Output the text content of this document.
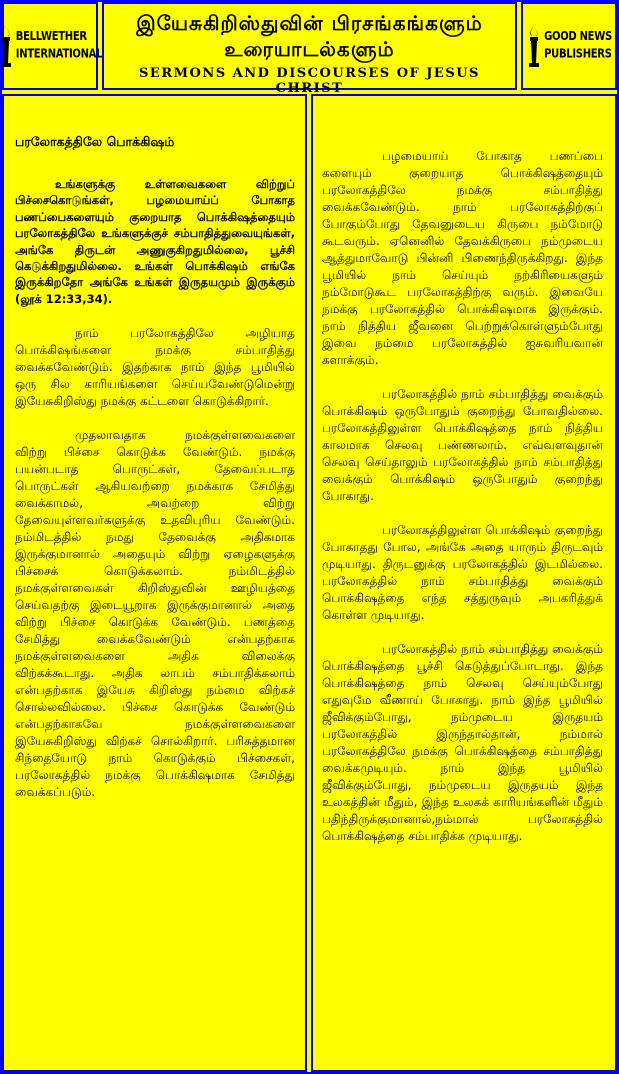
BELLWETHER
INTERNATIONAL
இயேசுகிறிஸ்துவின் பிரசங்கங்களும்
உரையாடல்களும்
SERMONS AND DISCOURSES OF JESUS CHRIST
GOOD NEWS
PUBLISHERS
பரலோகத்திலே பொக்கிஷம்
உங்களுக்கு உள்ளவைகளை விற்றுப் பிச்சைகொடுங்கள், பழமையாய்ப் போகாத பணப்பைகளையும் குறையாத பொக்கிஷத்தையும் பரலோகத்திலே உங்களுக்குச் சம்பாதித்துவையுங்கள், அங்கே திருடன் அணுகுகிறதுமில்லை, பூச்சி கெடுக்கிறதுமில்லை. உங்கள் பொக்கிஷம் எங்கே இருக்கிறதோ அங்கே உங்கள் இருதயமும் இருக்கும் (லூக் 12:33,34).

நாம் பரலோகத்திலே அழியாத பொக்கிஷங்களை நமக்கு சம்பாதித்து வைக்கவேண்டும். இதற்காக நாம் இந்த பூமியில் ஒரு சில காரியங்களை செய்யவேண்டுமென்று இயேசுகிறிஸ்து நமக்கு கட்டளை கொடுக்கிறார்.

முதலாவதாக நமக்குள்ளவைகளை விற்று பிச்சை கொடுக்க வேண்டும். நமக்கு பயன்படாத பொருட்கள், தேவைப்படாத பொருட்கள் ஆகியவற்றை நமக்காக சேமித்து வைக்காமல், அவற்றை விற்று தேவையுள்ளவர்களுக்கு உதவிபுரிய வேண்டும். நம்மிடத்தில் நமது தேவைக்கு அதிகமாக இருக்குமானால் அதையும் விற்று ஏழைகளுக்கு பிச்சைக் கொடுக்கலாம். நம்மிடத்தில் நமக்குள்ளவைகள் கிறிஸ்துவின் ஊழியத்தை செய்வதற்கு இடையூறாக இருக்குமானால் அதை விற்று பிச்சை கொடுக்க வேண்டும். பணத்தை சேமித்து வைக்கவேண்டும் என்பதற்காக நமக்குள்ளவைகளை அதிக விலைக்கு விற்கக்கூடாது. அதிக லாபம் சம்பாதிக்கலாம் என்பதற்காக இயேசு கிறிஸ்து நம்மை விற்கச் சொல்லவில்லை. பிச்சை கொடுக்க வேண்டும் என்பதற்காகவே நமக்குள்ளவைகளை இயேசுகிறிஸ்து விற்கச் சொல்கிறார். பரிசுத்தமான சிந்தையோடு நாம் கொடுக்கும் பிச்சைகள், பரலோகத்தில் நமக்கு பொக்கிஷமாக சேமித்து வைக்கப்படும்.

பழமையாய் போகாத பணப்பை களையும் குறையாத பொக்கிஷத்தையும் பரலோகத்திலே நமக்கு சம்பாதித்து வைக்கவேண்டும். நாம் பரலோகத்திற்குப் போகும்போது தேவனுடைய கிருபை நம்மோடு கூடவரும். ஏனெனில் தேவக்கிருபை நம்முடைய ஆத்துமாவோடு பின்னி பிணைந்திருக்கிறது. இந்த பூமியில் நாம் செய்யும் நற்கிரியைகளும் நம்மோடுகூட பரலோகத்திற்கு வரும். இவையே நமக்கு பரலோகத்தில் பொக்கிஷமாக இருக்கும். நாம் நித்திய ஜீவனை பெற்றுக்கொள்ளும்போது இவை நம்மை பரலோகத்தில் ஐசுவரியவான் களாக்கும்.

பரலோகத்தில் நாம் சம்பாதித்து வைக்கும் பொக்கிஷம் ஒருபோதும் குறைந்து போவதில்லை. பரலோகத்திலுள்ள பொக்கிஷத்தை நாம் நித்திய காலமாக செலவு பண்ணலாம். எவ்வளவுதான் செலவு செய்தாலும் பரலோகத்தில் நாம் சம்பாதித்து வைக்கும் பொக்கிஷம் ஒருபோதும் குறைந்து போகாது.

பரலோகத்திலுள்ள பொக்கிஷம் குறைந்து போகாதது போல, அங்கே அதை யாரும் திருடவும் முடியாது. திருடனுக்கு பரலோகத்தில் இடமில்லை. பரலோகத்தில் நாம் சம்பாதித்து வைக்கும் பொக்கிஷத்தை எந்த சத்துருவும் அபகரித்துக் கொள்ள முடியாது.

பரலோகத்தில் நாம் சம்பாதித்து வைக்கும் பொக்கிஷத்தை பூச்சி கெடுத்துப்போடாது. இந்த பொக்கிஷத்தை நாம் செலவு செய்யும்போது எதுவுமே வீணாய் போகாது. நாம் இந்த பூமியில் ஜீவிக்கும்போது, நம்முடைய இருதயம் பரலோகத்தில் இருந்தால்தான், நம்மால் பரலோகத்திலே நமக்கு பொக்கிஷத்தை சம்பாதித்து வைக்கமுடியும். நாம் இந்த பூமியில் ஜீவிக்கும்போது, நம்முடைய இருதயம் இந்த உலகத்தின் மீதும், இந்த உலகக் காரியங்களின் மீதும் பதிந்திருக்குமானால்,நம்மால் பரலோகத்தில் பொக்கிஷத்தை சம்பாதிக்க முடியாது.
